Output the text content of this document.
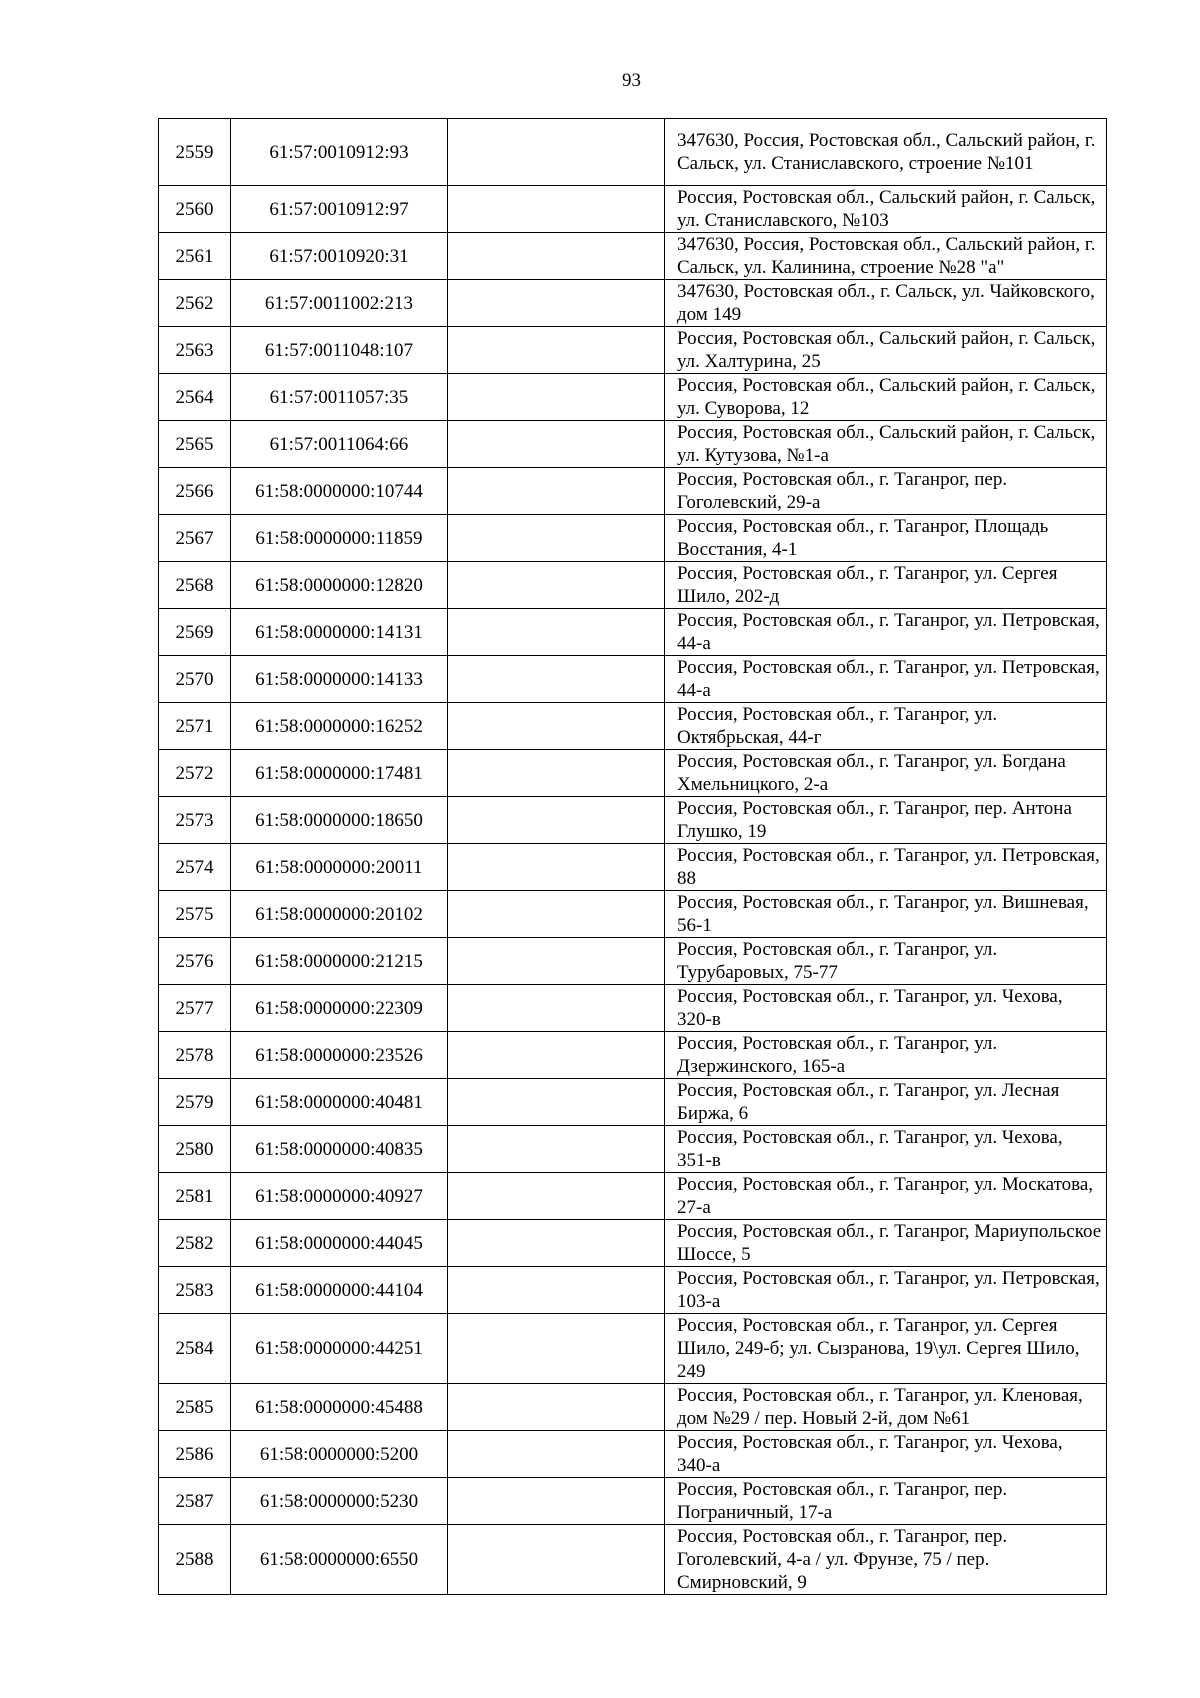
93
2559	61:57:0010912:93		347630, Россия, Ростовская обл., Сальский район, г. Сальск, ул. Станиславского, строение №101
2560	61:57:0010912:97		Россия, Ростовская обл., Сальский район, г. Сальск, ул. Станиславского, №103
2561	61:57:0010920:31		347630, Россия, Ростовская обл., Сальский район, г. Сальск, ул. Калинина, строение №28 "а"
2562	61:57:0011002:213		347630, Ростовская обл., г. Сальск, ул. Чайковского, дом 149
2563	61:57:0011048:107		Россия, Ростовская обл., Сальский район, г. Сальск, ул. Халтурина, 25
2564	61:57:0011057:35		Россия, Ростовская обл., Сальский район, г. Сальск, ул. Суворова, 12
2565	61:57:0011064:66		Россия, Ростовская обл., Сальский район, г. Сальск, ул. Кутузова, №1-а
2566	61:58:0000000:10744		Россия, Ростовская обл., г. Таганрог, пер. Гоголевский, 29-а
2567	61:58:0000000:11859		Россия, Ростовская обл., г. Таганрог, Площадь Восстания, 4-1
2568	61:58:0000000:12820		Россия, Ростовская обл., г. Таганрог, ул. Сергея Шило, 202-д
2569	61:58:0000000:14131		Россия, Ростовская обл., г. Таганрог, ул. Петровская, 44-а
2570	61:58:0000000:14133		Россия, Ростовская обл., г. Таганрог, ул. Петровская, 44-а
2571	61:58:0000000:16252		Россия, Ростовская обл., г. Таганрог, ул. Октябрьская, 44-г
2572	61:58:0000000:17481		Россия, Ростовская обл., г. Таганрог, ул. Богдана Хмельницкого, 2-а
2573	61:58:0000000:18650		Россия, Ростовская обл., г. Таганрог, пер. Антона Глушко, 19
2574	61:58:0000000:20011		Россия, Ростовская обл., г. Таганрог, ул. Петровская, 88
2575	61:58:0000000:20102		Россия, Ростовская обл., г. Таганрог, ул. Вишневая, 56-1
2576	61:58:0000000:21215		Россия, Ростовская обл., г. Таганрог, ул. Турубаровых, 75-77
2577	61:58:0000000:22309		Россия, Ростовская обл., г. Таганрог, ул. Чехова, 320-в
2578	61:58:0000000:23526		Россия, Ростовская обл., г. Таганрог, ул. Дзержинского, 165-а
2579	61:58:0000000:40481		Россия, Ростовская обл., г. Таганрог, ул. Лесная Биржа, 6
2580	61:58:0000000:40835		Россия, Ростовская обл., г. Таганрог, ул. Чехова, 351-в
2581	61:58:0000000:40927		Россия, Ростовская обл., г. Таганрог, ул. Москатова, 27-а
2582	61:58:0000000:44045		Россия, Ростовская обл., г. Таганрог, Мариупольское Шоссе, 5
2583	61:58:0000000:44104		Россия, Ростовская обл., г. Таганрог, ул. Петровская, 103-а
2584	61:58:0000000:44251		Россия, Ростовская обл., г. Таганрог, ул. Сергея Шило, 249-б; ул. Сызранова, 19\ул. Сергея Шило, 249
2585	61:58:0000000:45488		Россия, Ростовская обл., г. Таганрог, ул. Кленовая, дом №29 / пер. Новый 2-й, дом №61
2586	61:58:0000000:5200		Россия, Ростовская обл., г. Таганрог, ул. Чехова, 340-а
2587	61:58:0000000:5230		Россия, Ростовская обл., г. Таганрог, пер. Пограничный, 17-а
2588	61:58:0000000:6550		Россия, Ростовская обл., г. Таганрог, пер. Гоголевский, 4-а / ул. Фрунзе, 75 / пер. Смирновский, 9
